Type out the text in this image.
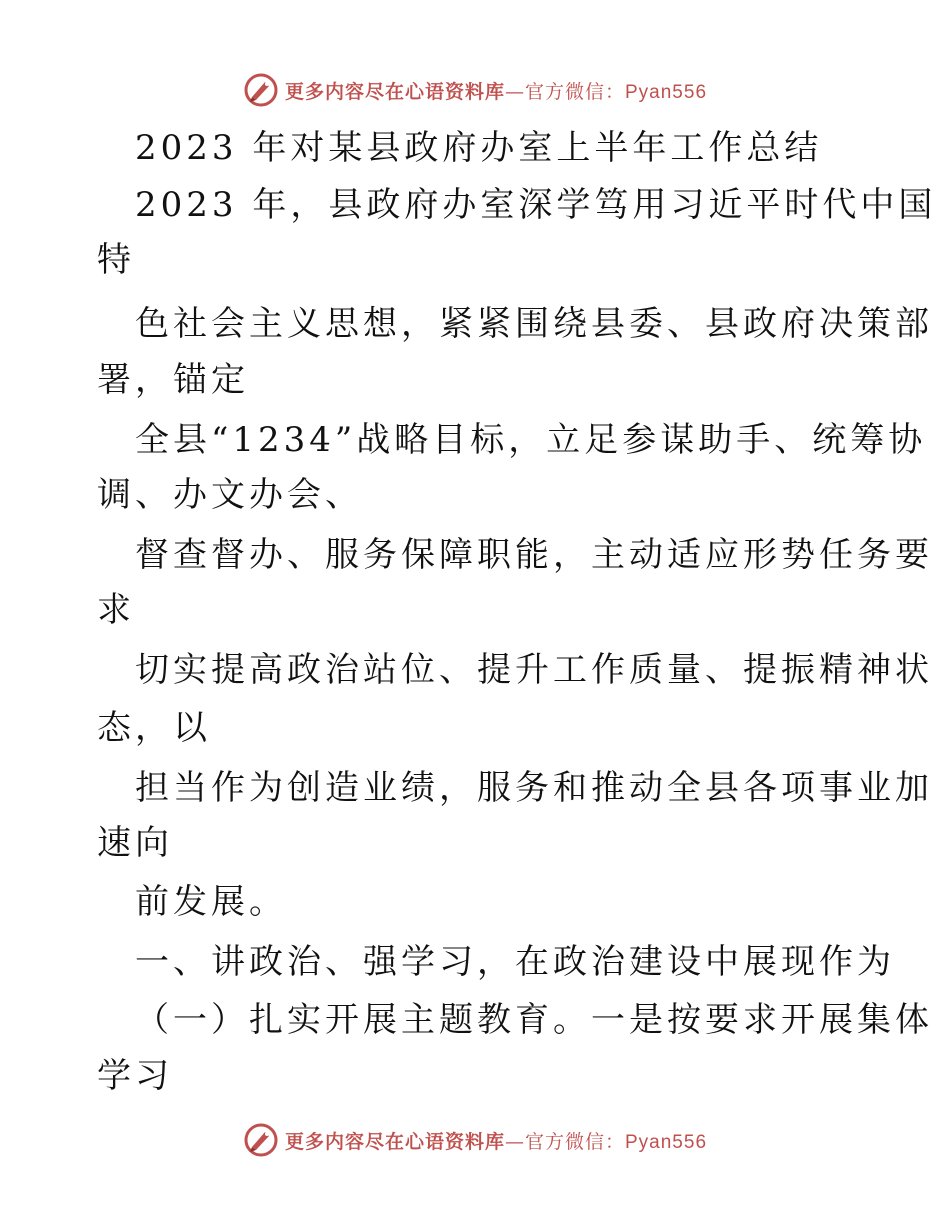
更多内容尽在心语资料库—官方微信：Pyan556
2023 年对某县政府办室上半年工作总结
2023 年，县政府办室深学笃用习近平时代中国
特
色社会主义思想，紧紧围绕县委、县政府决策部
署，锚定
全县“1234”战略目标，立足参谋助手、统筹协
调、办文办会、
督查督办、服务保障职能，主动适应形势任务要
求
切实提高政治站位、提升工作质量、提振精神状
态，以
担当作为创造业绩，服务和推动全县各项事业加
速向
前发展。
一、讲政治、强学习，在政治建设中展现作为
（一）扎实开展主题教育。一是按要求开展集体
学习
更多内容尽在心语资料库—官方微信：Pyan556
